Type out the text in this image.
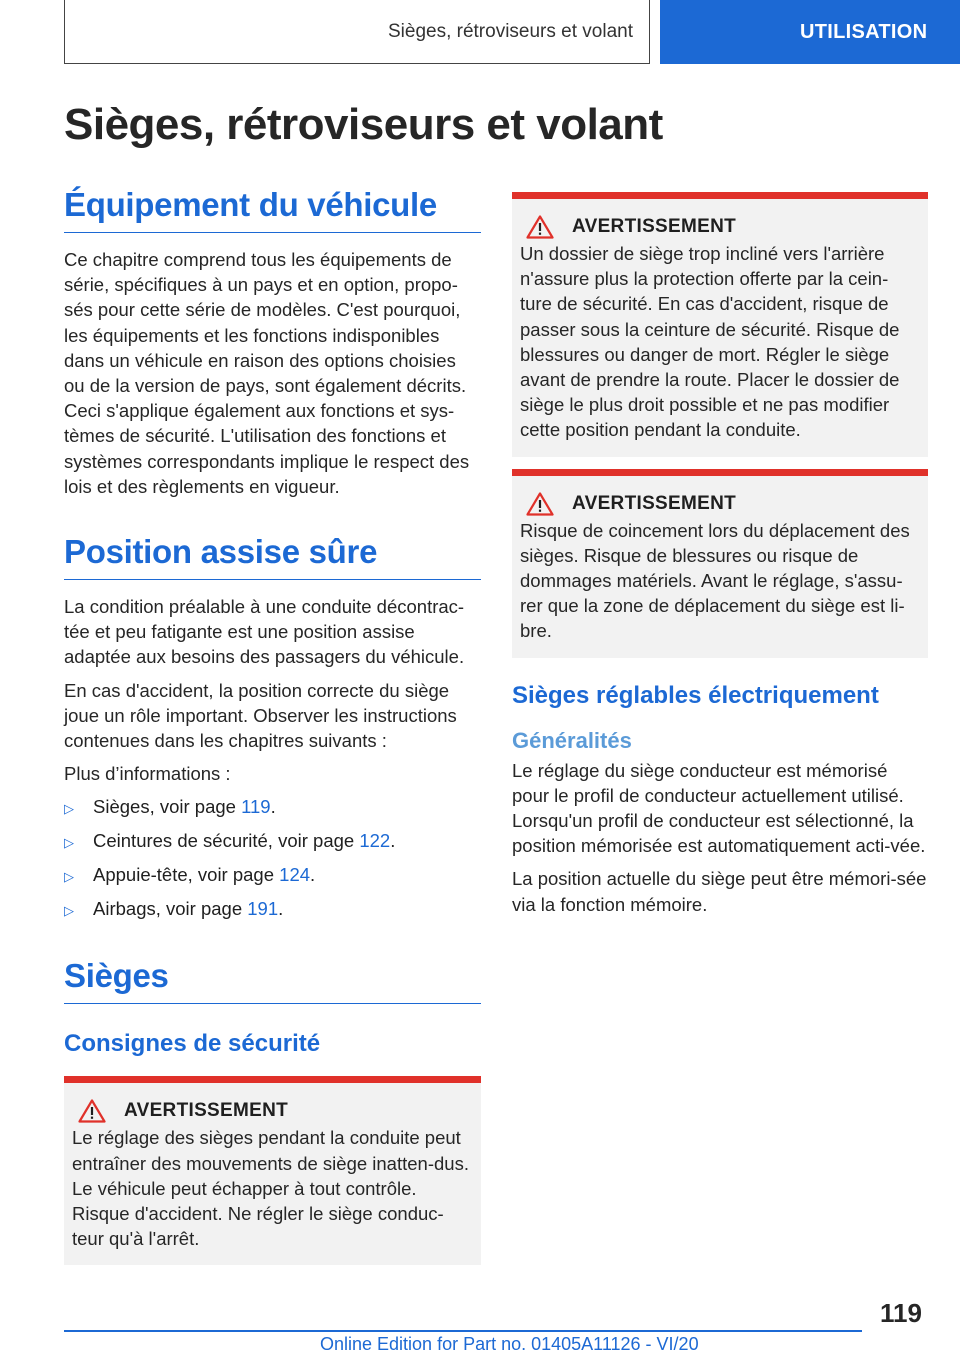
Sièges, rétroviseurs et volant	UTILISATION
Sièges, rétroviseurs et volant
Équipement du véhicule

Ce chapitre comprend tous les équipements de série, spécifiques à un pays et en option, propo-sés pour cette série de modèles. C'est pourquoi, les équipements et les fonctions indisponibles dans un véhicule en raison des options choisies ou de la version de pays, sont également décrits. Ceci s'applique également aux fonctions et sys-tèmes de sécurité. L'utilisation des fonctions et systèmes correspondants implique le respect des lois et des règlements en vigueur.

Position assise sûre

La condition préalable à une conduite décontrac-tée et peu fatigante est une position assise adaptée aux besoins des passagers du véhicule.

En cas d'accident, la position correcte du siège joue un rôle important. Observer les instructions contenues dans les chapitres suivants :

Plus d’informations :

▷	Sièges, voir page 119.
▷	Ceintures de sécurité, voir page 122.
▷	Appuie-tête, voir page 124.
▷	Airbags, voir page 191.
Sièges
Consignes de sécurité
AVERTISSEMENT

Le réglage des sièges pendant la conduite peut entraîner des mouvements de siège inatten-dus. Le véhicule peut échapper à tout contrôle. Risque d'accident. Ne régler le siège conduc-teur qu'à l'arrêt.

AVERTISSEMENT

Un dossier de siège trop incliné vers l'arrière n'assure plus la protection offerte par la cein-ture de sécurité. En cas d'accident, risque de passer sous la ceinture de sécurité. Risque de blessures ou danger de mort. Régler le siège avant de prendre la route. Placer le dossier de siège le plus droit possible et ne pas modifier cette position pendant la conduite.

AVERTISSEMENT

Risque de coincement lors du déplacement des sièges. Risque de blessures ou risque de dommages matériels. Avant le réglage, s'assu-rer que la zone de déplacement du siège est li-bre.

Sièges réglables électriquement
Généralités

Le réglage du siège conducteur est mémorisé pour le profil de conducteur actuellement utilisé. Lorsqu'un profil de conducteur est sélectionné, la position mémorisée est automatiquement acti-vée.

La position actuelle du siège peut être mémori-sée via la fonction mémoire.

119
Online Edition for Part no. 01405A11126 - VI/20
